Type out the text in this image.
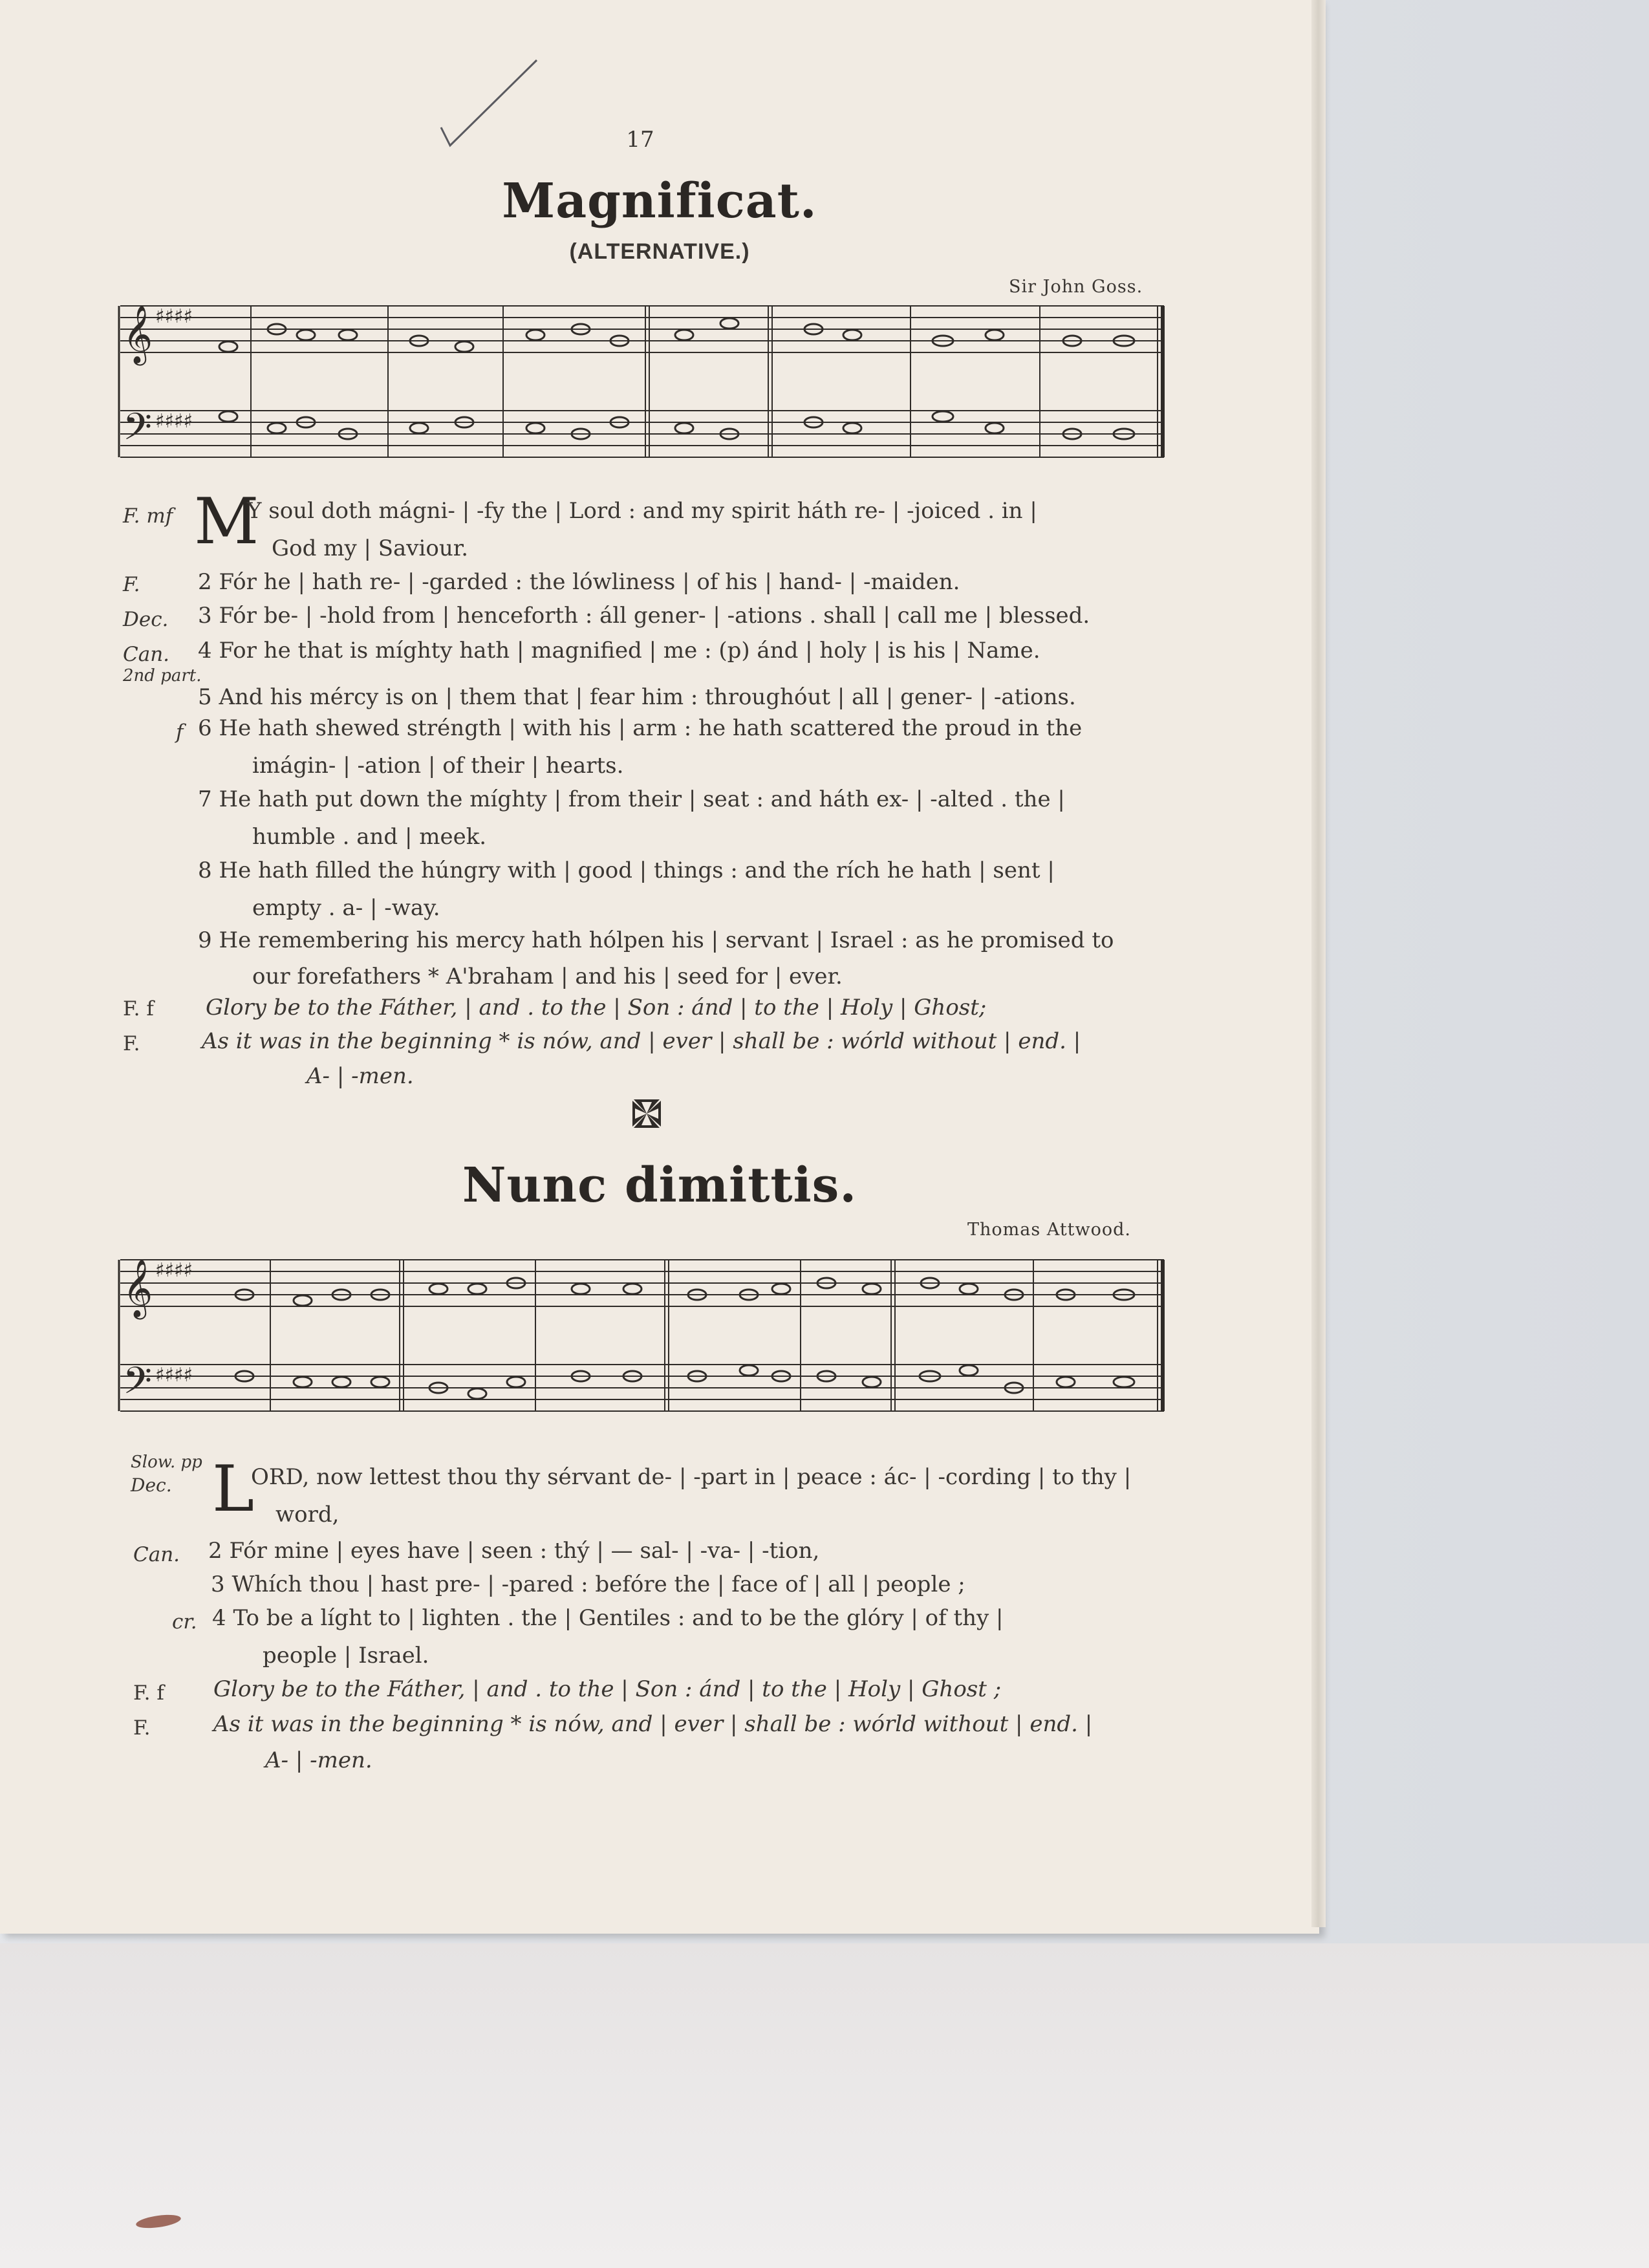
17
Magnificat.
(ALTERNATIVE.)
Sir John Goss.
𝄞
𝄢
♯♯♯♯
♯♯♯♯
M
F. mf	Y soul doth mágni- | -fy the | Lord : and my spirit háth re- | -joiced . in |
God my | Saviour.
F.	2 Fór he | hath re- | -garded : the lówliness | of his | hand- | -maiden.
Dec. 3 Fór be- | -hold from | henceforth : áll gener- | -ations . shall | call me | blessed.
Can. 4 For he that is míghty hath | magnified | me : (p) ánd | holy | is his | Name.
2nd part.
5 And his mércy is on | them that | fear him : throughóut | all | gener- | -ations.
f 6 He hath shewed stréngth | with his | arm : he hath scattered the proud in the
imágin- | -ation | of their | hearts.
7 He hath put down the míghty | from their | seat : and háth ex- | -alted . the |
humble . and | meek.
8 He hath filled the húngry with | good | things : and the rích he hath | sent |
empty . a- | -way.
9 He remembering his mercy hath hólpen his | servant | Israel : as he promised to
our forefathers * A'braham | and his | seed for | ever.
F. f Glory be to the Fáther, | and . to the | Son : ánd | to the | Holy | Ghost;
F.	As it was in the beginning * is nów, and | ever | shall be : wórld without | end. |
A- | -men.
Nunc dimittis.
Thomas Attwood.
𝄞
𝄢
♯♯♯♯
♯♯♯♯
Slow. pp L
Dec.	ORD, now lettest thou thy sérvant de- | -part in | peace : ác- | -cording | to thy |
word,
Can. 2 Fór mine | eyes have | seen : thý | — sal- | -va- | -tion,
3 Whích thou | hast pre- | -pared : befóre the | face of | all | people ;
cr. 4 To be a líght to | lighten . the | Gentiles : and to be the glóry | of thy |
people | Israel.
F. f Glory be to the Fáther, | and . to the | Son : ánd | to the | Holy | Ghost ;
F.	As it was in the beginning * is nów, and | ever | shall be : wórld without | end. |
A- | -men.
